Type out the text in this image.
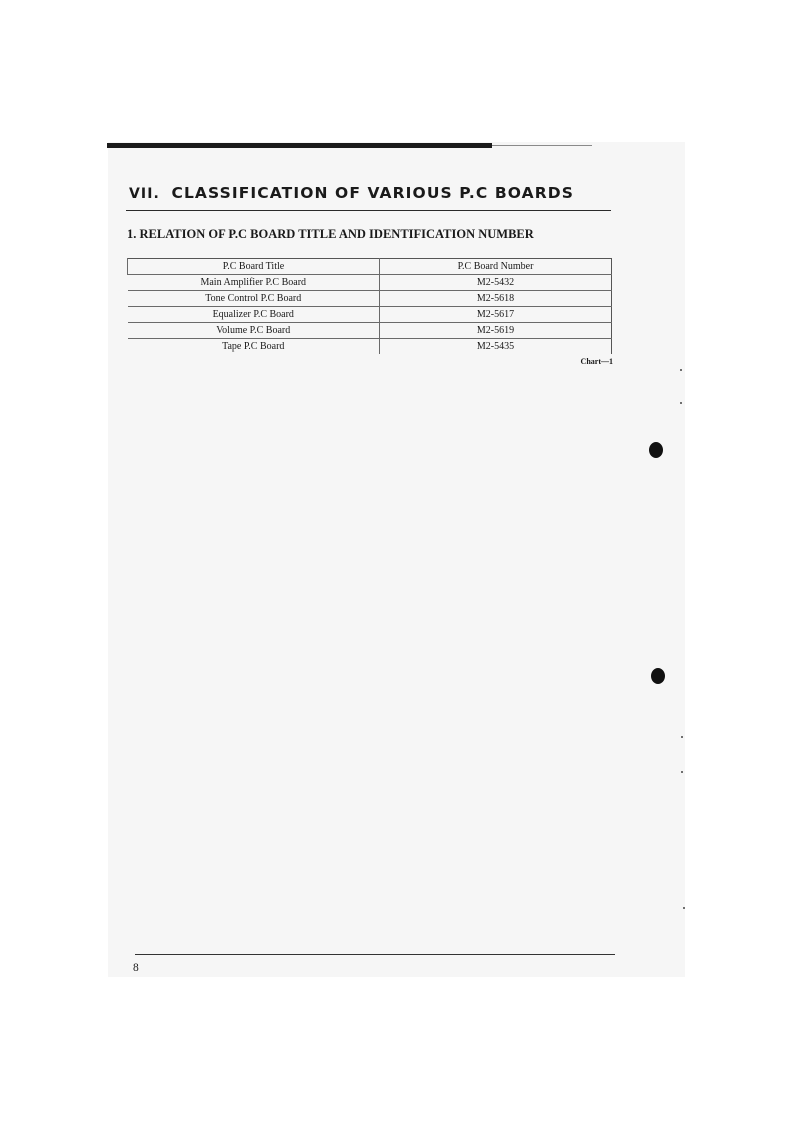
VII. CLASSIFICATION OF VARIOUS P.C BOARDS
1. RELATION OF P.C BOARD TITLE AND IDENTIFICATION NUMBER
P.C Board Title	P.C Board Number
Main Amplifier P.C Board	M2-5432
Tone Control P.C Board	M2-5618
Equalizer P.C Board	M2-5617
Volume P.C Board	M2-5619
Tape P.C Board	M2-5435

Chart—1

8
